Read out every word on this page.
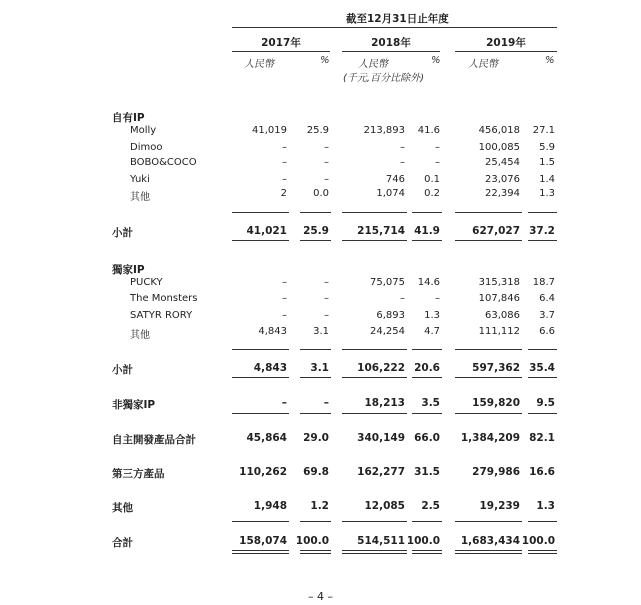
截至12月31日止年度
2017年	2018年	2019年
人民幣	%	人民幣	%	人民幣	%
(千元,百分比除外)
自有IP
Molly	41,019 25.9	213,893 41.6	456,018 27.1
Dimoo	–	–	–	–	100,085 5.9
BOBO&COCO	–	–	–	–	25,454 1.5
Yuki	–	–	746 0.1	23,076 1.4
其他	2	0.0	1,074 0.2	22,394 1.3
小計	41,021 25.9	215,714 41.9	627,027 37.2
獨家IP
PUCKY	–	–	75,075 14.6	315,318 18.7
The Monsters	–	–	–	–	107,846 6.4
SATYR RORY	–	–	6,893 1.3	63,086 3.7
其他	4,843	3.1	24,254 4.7	111,112 6.6
小計	4,843 3.1	106,222 20.6	597,362 35.4
非獨家IP	–	–	18,213 3.5	159,820 9.5
自主開發產品合計	45,864 29.0	340,149 66.0 1,384,209 82.1
第三方產品	110,262 69.8	162,277 31.5	279,986 16.6
其他	1,948 1.2	12,085 2.5	19,239 1.3
合計	158,074 100.0	514,511 100.0 1,683,434 100.0
– 4 –
